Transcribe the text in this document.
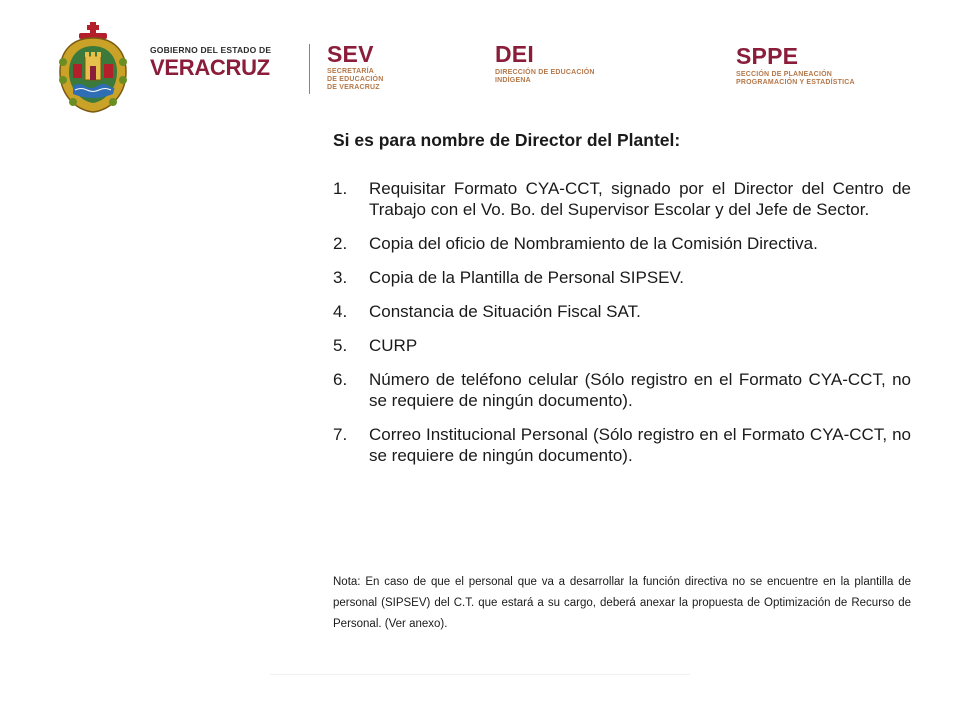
GOBIERNO DEL ESTADO DE
VERACRUZ
SEV
SECRETARÍA
DE EDUCACIÓN
DE VERACRUZ
DEI
DIRECCIÓN DE EDUCACIÓN
INDÍGENA
SPPE
SECCIÓN DE PLANEACIÓN
PROGRAMACIÓN Y ESTADÍSTICA
Si es para nombre de Director del Plantel:
1.	Requisitar Formato CYA-CCT, signado por el Director del Centro de Trabajo con el Vo. Bo. del Supervisor Escolar y del Jefe de Sector.
2.	Copia del oficio de Nombramiento de la Comisión Directiva.
3.	Copia de la Plantilla de Personal SIPSEV.
4.	Constancia de Situación Fiscal SAT.
5.	CURP
6.	Número de teléfono celular (Sólo registro en el Formato CYA-CCT, no se requiere de ningún documento).
7.	Correo Institucional Personal (Sólo registro en el Formato CYA-CCT, no se requiere de ningún documento).

Nota: En caso de que el personal que va a desarrollar la función directiva no se encuentre en la plantilla de personal (SIPSEV) del C.T. que estará a su cargo, deberá anexar la propuesta de Optimización de Recurso de Personal. (Ver anexo).
